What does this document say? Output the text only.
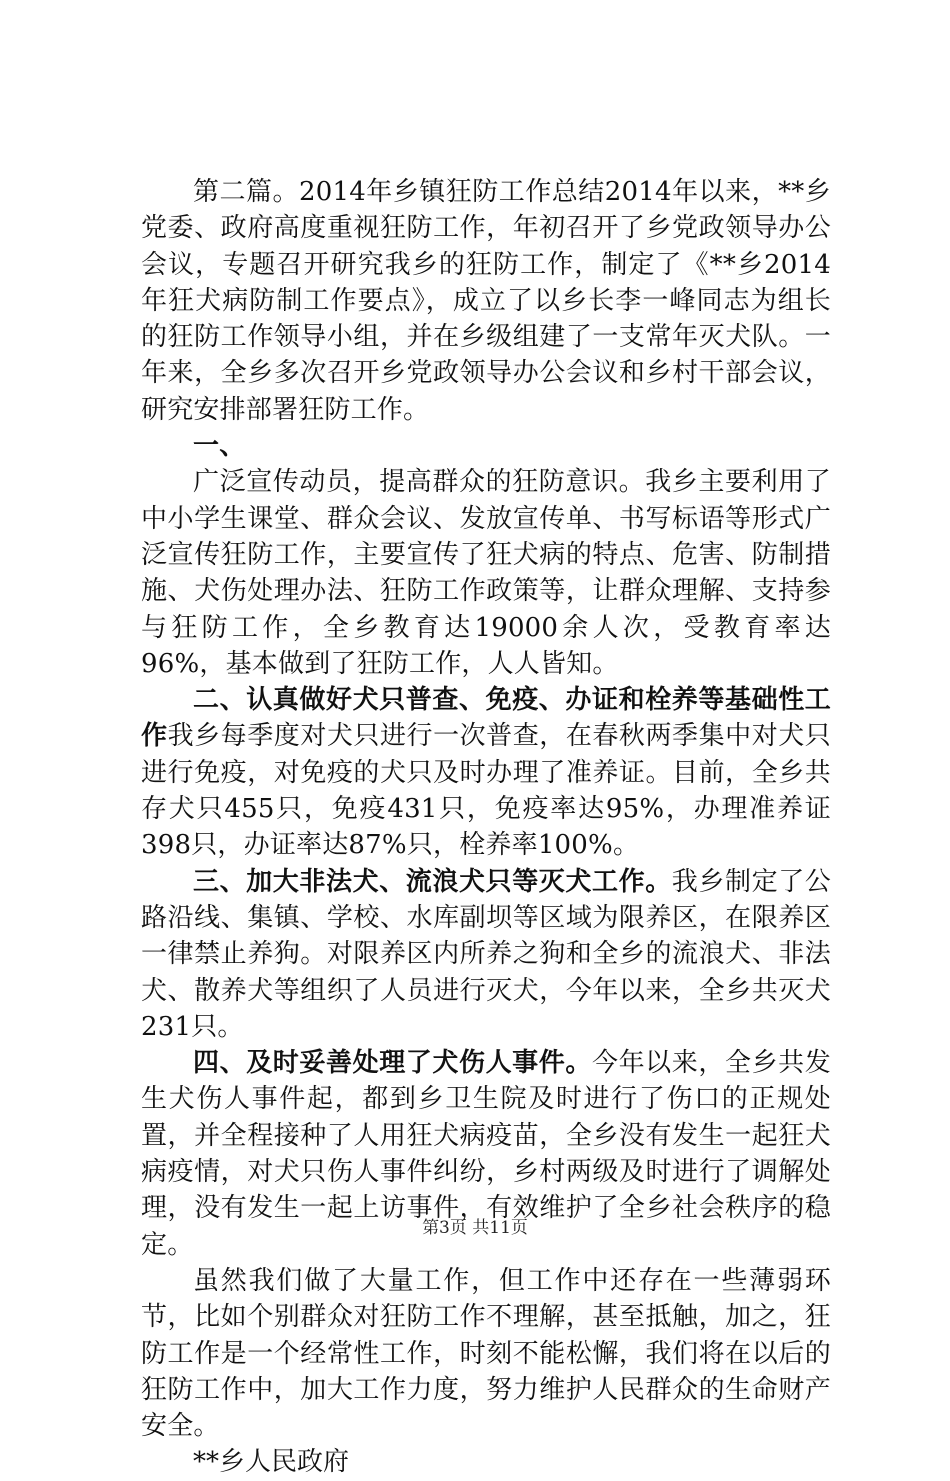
第二篇。2014年乡镇狂防工作总结2014年以来，**乡党委、政府高度重视狂防工作，年初召开了乡党政领导办公会议，专题召开研究我乡的狂防工作，制定了《**乡2014年狂犬病防制工作要点》，成立了以乡长李一峰同志为组长的狂防工作领导小组，并在乡级组建了一支常年灭犬队。一年来，全乡多次召开乡党政领导办公会议和乡村干部会议，研究安排部署狂防工作。

一、

广泛宣传动员，提高群众的狂防意识。我乡主要利用了中小学生课堂、群众会议、发放宣传单、书写标语等形式广泛宣传狂防工作，主要宣传了狂犬病的特点、危害、防制措施、犬伤处理办法、狂防工作政策等，让群众理解、支持参与狂防工作，全乡教育达19000余人次，受教育率达96%，基本做到了狂防工作，人人皆知。

二、认真做好犬只普查、免疫、办证和栓养等基础性工作我乡每季度对犬只进行一次普查，在春秋两季集中对犬只进行免疫，对免疫的犬只及时办理了准养证。目前，全乡共存犬只455只，免疫431只，免疫率达95%，办理准养证398只，办证率达87%只，栓养率100%。

三、加大非法犬、流浪犬只等灭犬工作。我乡制定了公路沿线、集镇、学校、水库副坝等区域为限养区，在限养区一律禁止养狗。对限养区内所养之狗和全乡的流浪犬、非法犬、散养犬等组织了人员进行灭犬，今年以来，全乡共灭犬231只。

四、及时妥善处理了犬伤人事件。今年以来，全乡共发生犬伤人事件起，都到乡卫生院及时进行了伤口的正规处置，并全程接种了人用狂犬病疫苗，全乡没有发生一起狂犬病疫情，对犬只伤人事件纠纷，乡村两级及时进行了调解处理，没有发生一起上访事件，有效维护了全乡社会秩序的稳定。

虽然我们做了大量工作，但工作中还存在一些薄弱环节，比如个别群众对狂防工作不理解，甚至抵触，加之，狂防工作是一个经常性工作，时刻不能松懈，我们将在以后的狂防工作中，加大工作力度，努力维护人民群众的生命财产安全。

**乡人民政府

第3页 共11页
